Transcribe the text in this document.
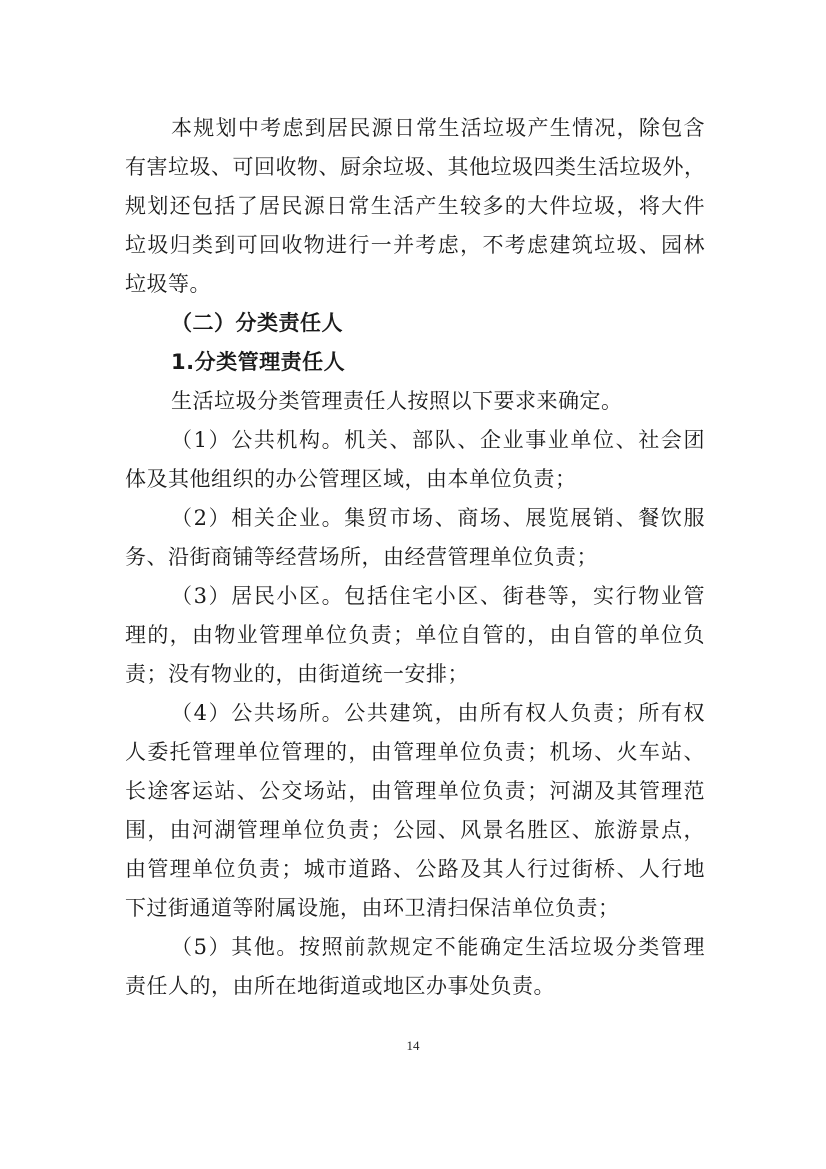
本规划中考虑到居民源日常生活垃圾产生情况，除包含
有害垃圾、可回收物、厨余垃圾、其他垃圾四类生活垃圾外，
规划还包括了居民源日常生活产生较多的大件垃圾，将大件
垃圾归类到可回收物进行一并考虑，不考虑建筑垃圾、园林
垃圾等。
（二）分类责任人
1.分类管理责任人
生活垃圾分类管理责任人按照以下要求来确定。
（1）公共机构。机关、部队、企业事业单位、社会团
体及其他组织的办公管理区域，由本单位负责；
（2）相关企业。集贸市场、商场、展览展销、餐饮服
务、沿街商铺等经营场所，由经营管理单位负责；
（3）居民小区。包括住宅小区、街巷等，实行物业管
理的，由物业管理单位负责；单位自管的，由自管的单位负
责；没有物业的，由街道统一安排；
（4）公共场所。公共建筑，由所有权人负责；所有权
人委托管理单位管理的，由管理单位负责；机场、火车站、
长途客运站、公交场站，由管理单位负责；河湖及其管理范
围，由河湖管理单位负责；公园、风景名胜区、旅游景点，
由管理单位负责；城市道路、公路及其人行过街桥、人行地
下过街通道等附属设施，由环卫清扫保洁单位负责；
（5）其他。按照前款规定不能确定生活垃圾分类管理
责任人的，由所在地街道或地区办事处负责。
14
